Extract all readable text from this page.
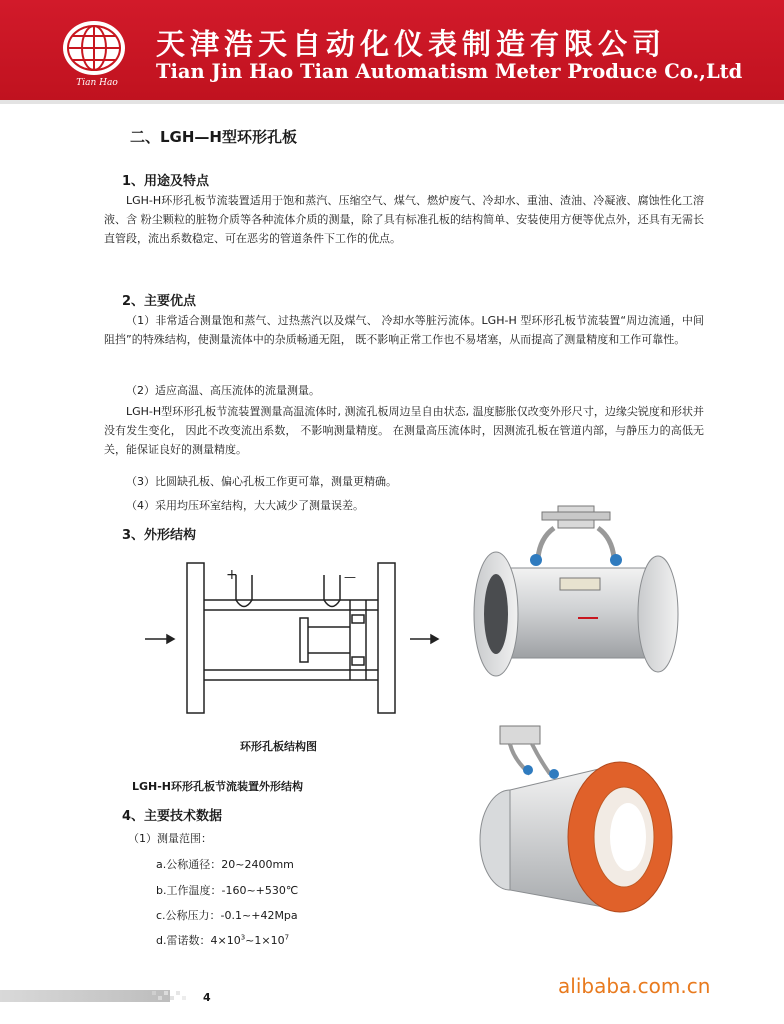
Tian Hao
天津浩天自动化仪表制造有限公司
Tian Jin Hao Tian Automatism Meter Produce Co.,Ltd
二、LGH—H型环形孔板
1、用途及特点

LGH-H环形孔板节流装置适用于饱和蒸汽、压缩空气、煤气、燃炉废气、冷却水、重油、渣油、冷凝液、腐蚀性化工溶液、含 粉尘颗粒的脏物介质等各种流体介质的测量，除了具有标准孔板的结构简单、安装使用方便等优点外，还具有无需长直管段，流出系数稳定、可在恶劣的管道条件下工作的优点。

2、主要优点

（1）非常适合测量饱和蒸气、过热蒸汽以及煤气、 冷却水等脏污流体。LGH-H 型环形孔板节流装置“周边流通，中间阻挡”的特殊结构，使测量流体中的杂质畅通无阻， 既不影响正常工作也不易堵塞，从而提高了测量精度和工作可靠性。

（2）适应高温、高压流体的流量测量。

LGH-H型环形孔板节流装置测量高温流体时, 测流孔板周边呈自由状态, 温度膨胀仅改变外形尺寸，边缘尖锐度和形状并没有发生变化， 因此不改变流出系数， 不影响测量精度。 在测量高压流体时，因测流孔板在管道内部，与静压力的高低无关，能保证良好的测量精度。

（3）比圆缺孔板、偏心孔板工作更可靠，测量更精确。
（4）采用均压环室结构，大大减少了测量误差。
3、外形结构
+	—
环形孔板结构图
LGH-H环形孔板节流装置外形结构
4、主要技术数据
（1）测量范围：
a.公称通径：20~2400mm
b.工作温度：-160~+530℃
c.公称压力：-0.1~+42Mpa
d.雷诺数：$4\times 10^3\sim 1\times 10^7$
4	alibaba.com.cn
